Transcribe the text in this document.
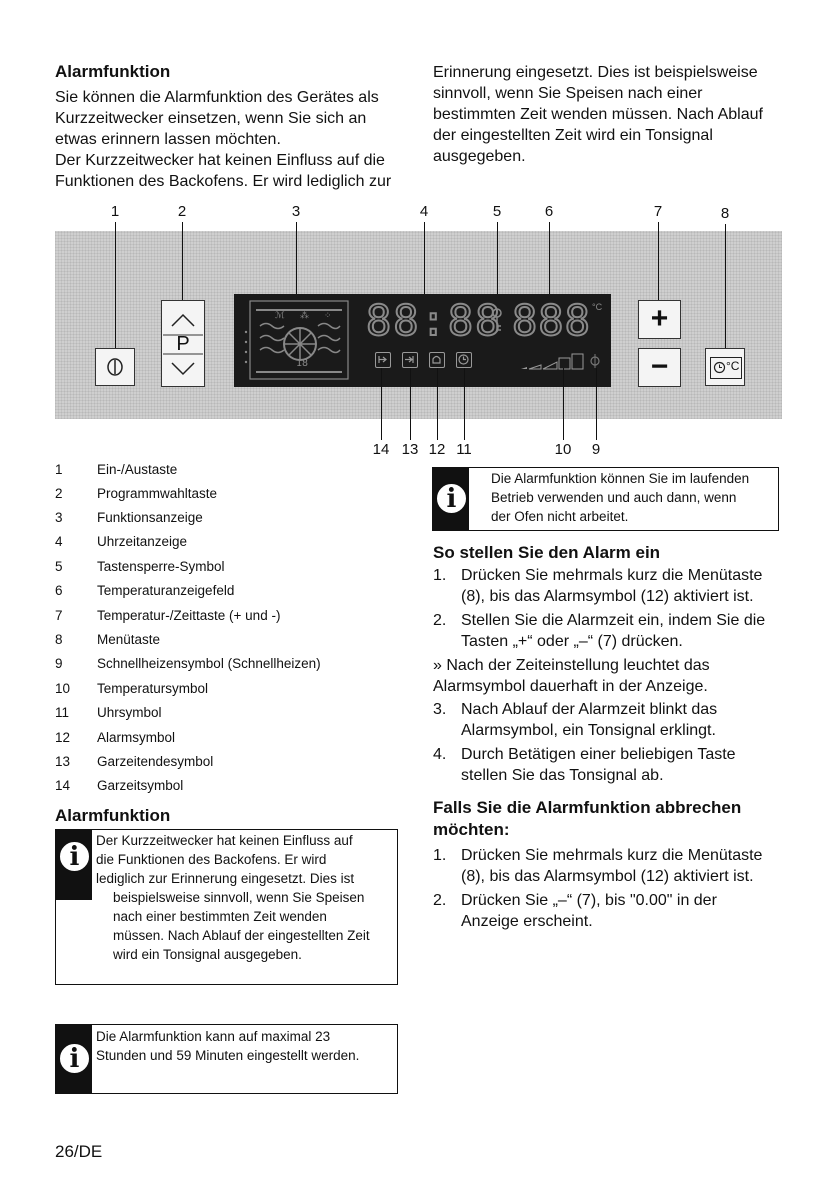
Alarmfunktion
Sie können die Alarmfunktion des Gerätes als
Kurzzeitwecker einsetzen, wenn Sie sich an
etwas erinnern lassen möchten.
Der Kurzzeitwecker hat keinen Einfluss auf die
Funktionen des Backofens. Er wird lediglich zur
Erinnerung eingesetzt. Dies ist beispielsweise
sinnvoll, wenn Sie Speisen nach einer
bestimmten Zeit wenden müssen. Nach Ablauf
der eingestellten Zeit wird ein Tonsignal
ausgegeben.
1	2	3	4	5	6	7	8
P
ℳ ⁂ ⁘
18
88:88 888 °C	+
−	°C
14 13 12 11	10	9
1	Ein-/Austaste
2	Programmwahltaste
3	Funktionsanzeige
4	Uhrzeitanzeige
5	Tastensperre-Symbol
6	Temperaturanzeigefeld
7	Temperatur-/Zeittaste (+ und -)
8	Menütaste
9	Schnellheizensymbol (Schnellheizen)
10	Temperatursymbol
11	Uhrsymbol
12	Alarmsymbol
13	Garzeitendesymbol
14	Garzeitsymbol
Alarmfunktion
i
Der Kurzzeitwecker hat keinen Einfluss auf
die Funktionen des Backofens. Er wird
lediglich zur Erinnerung eingesetzt. Dies ist
beispielsweise sinnvoll, wenn Sie Speisen
nach einer bestimmten Zeit wenden
müssen. Nach Ablauf der eingestellten Zeit
wird ein Tonsignal ausgegeben.
i
Die Alarmfunktion kann auf maximal 23
Stunden und 59 Minuten eingestellt werden.
i
Die Alarmfunktion können Sie im laufenden
Betrieb verwenden und auch dann, wenn
der Ofen nicht arbeitet.
So stellen Sie den Alarm ein
1. Drücken Sie mehrmals kurz die Menütaste
(8), bis das Alarmsymbol (12) aktiviert ist.
2. Stellen Sie die Alarmzeit ein, indem Sie die
Tasten „+“ oder „–“ (7) drücken.
» Nach der Zeiteinstellung leuchtet das
Alarmsymbol dauerhaft in der Anzeige.
3. Nach Ablauf der Alarmzeit blinkt das
Alarmsymbol, ein Tonsignal erklingt.
4. Durch Betätigen einer beliebigen Taste
stellen Sie das Tonsignal ab.
Falls Sie die Alarmfunktion abbrechen
möchten:
1. Drücken Sie mehrmals kurz die Menütaste
(8), bis das Alarmsymbol (12) aktiviert ist.
2. Drücken Sie „–“ (7), bis "0.00" in der
Anzeige erscheint.
26/DE
